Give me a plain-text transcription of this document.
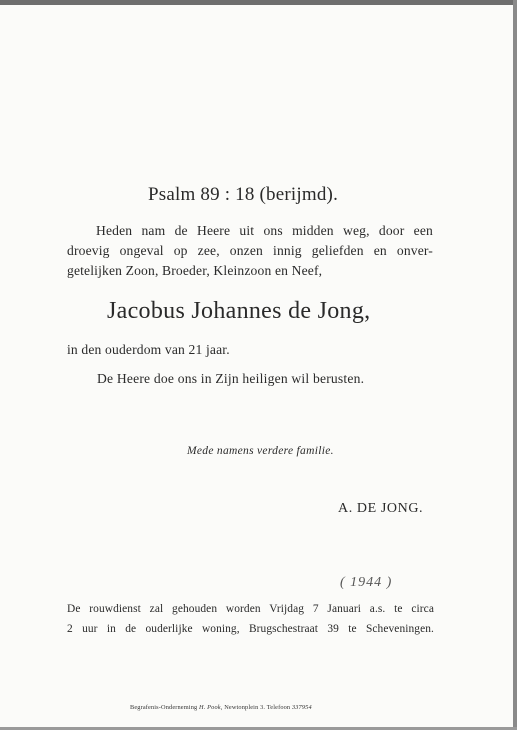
Psalm 89 : 18 (berijmd).
Heden nam de Heere uit ons midden weg, door een
droevig ongeval op zee, onzen innig geliefden en onver-
getelijken Zoon, Broeder, Kleinzoon en Neef,
Jacobus Johannes de Jong,
in den ouderdom van 21 jaar.
De Heere doe ons in Zijn heiligen wil berusten.
Mede namens verdere familie.
A. DE JONG.
( 1944 )
De rouwdienst zal gehouden worden Vrijdag 7 Januari a.s. te circa
2 uur in de ouderlijke woning, Brugschestraat 39 te Scheveningen.
Begrafenis-Onderneming H. Pook, Newtonplein 3. Telefoon 337954
